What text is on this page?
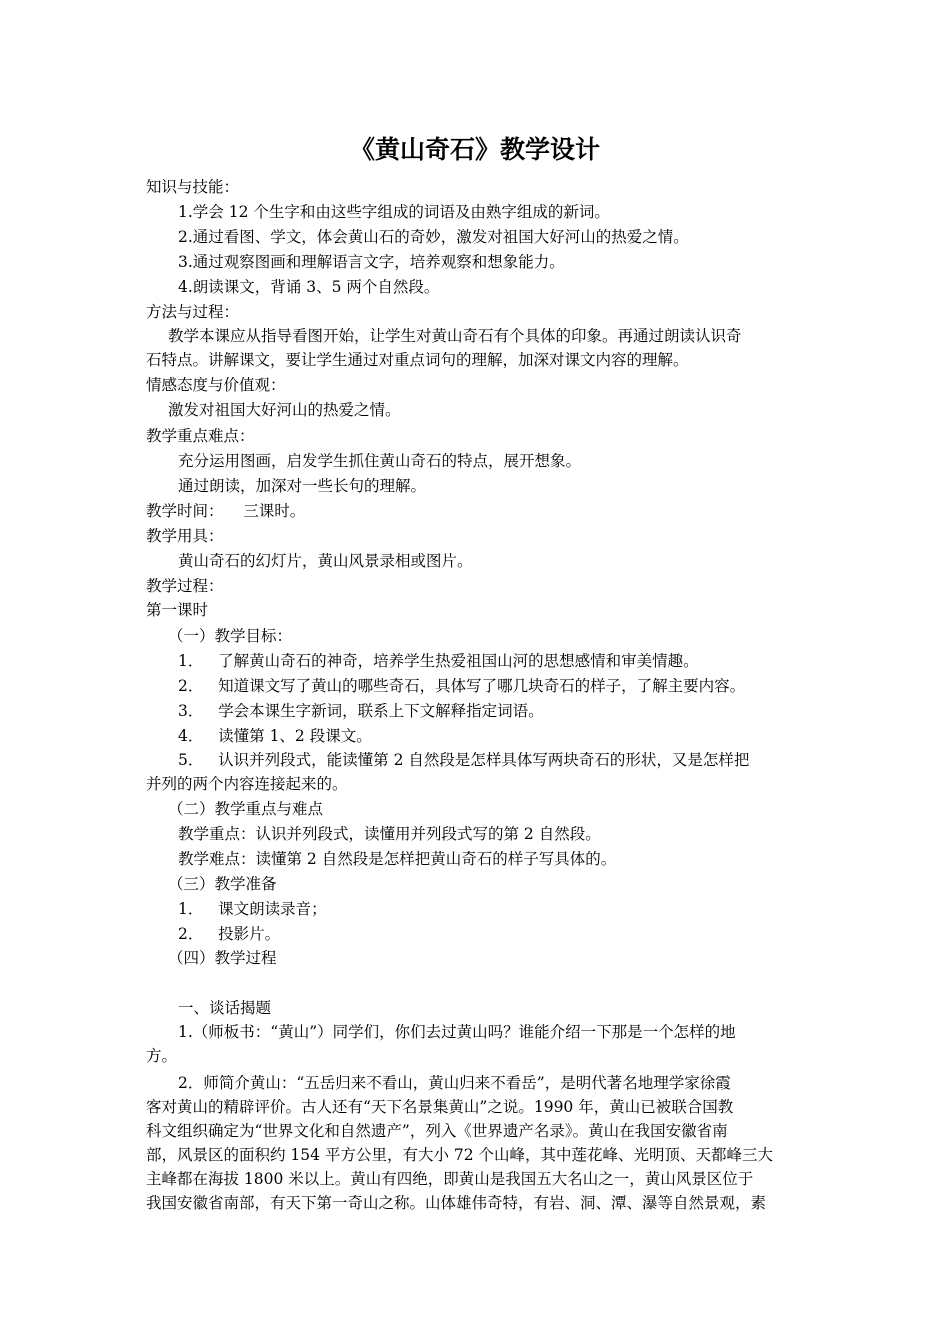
《黄山奇石》教学设计
知识与技能：
1.学会 12 个生字和由这些字组成的词语及由熟字组成的新词。
2.通过看图、学文，体会黄山石的奇妙，激发对祖国大好河山的热爱之情。
3.通过观察图画和理解语言文字，培养观察和想象能力。
4.朗读课文，背诵 3、5 两个自然段。
方法与过程：
教学本课应从指导看图开始，让学生对黄山奇石有个具体的印象。再通过朗读认识奇
石特点。讲解课文，要让学生通过对重点词句的理解，加深对课文内容的理解。
情感态度与价值观：
激发对祖国大好河山的热爱之情。
教学重点难点：
充分运用图画，启发学生抓住黄山奇石的特点，展开想象。
通过朗读，加深对一些长句的理解。
教学时间：    三课时。
教学用具：
黄山奇石的幻灯片，黄山风景录相或图片。
教学过程：
第一课时
（一）教学目标：
1．   了解黄山奇石的神奇，培养学生热爱祖国山河的思想感情和审美情趣。
2．   知道课文写了黄山的哪些奇石，具体写了哪几块奇石的样子，了解主要内容。
3．   学会本课生字新词，联系上下文解释指定词语。
4．   读懂第 1、2 段课文。
5．   认识并列段式，能读懂第 2 自然段是怎样具体写两块奇石的形状，又是怎样把
并列的两个内容连接起来的。
（二）教学重点与难点
教学重点：认识并列段式，读懂用并列段式写的第 2 自然段。
教学难点：读懂第 2 自然段是怎样把黄山奇石的样子写具体的。
（三）教学准备
1．   课文朗读录音；
2．   投影片。
（四）教学过程
一、谈话揭题
1.（师板书：“黄山”）同学们，你们去过黄山吗？谁能介绍一下那是一个怎样的地
方。
2．师简介黄山：“五岳归来不看山，黄山归来不看岳”，是明代著名地理学家徐霞
客对黄山的精辟评价。古人还有“天下名景集黄山”之说。1990 年，黄山已被联合国教
科文组织确定为“世界文化和自然遗产”，列入《世界遗产名录》。黄山在我国安徽省南
部，风景区的面积约 154 平方公里，有大小 72 个山峰，其中莲花峰、光明顶、天都峰三大
主峰都在海拔 1800 米以上。黄山有四绝，即黄山是我国五大名山之一，黄山风景区位于
我国安徽省南部，有天下第一奇山之称。山体雄伟奇特，有岩、洞、潭、瀑等自然景观，素
